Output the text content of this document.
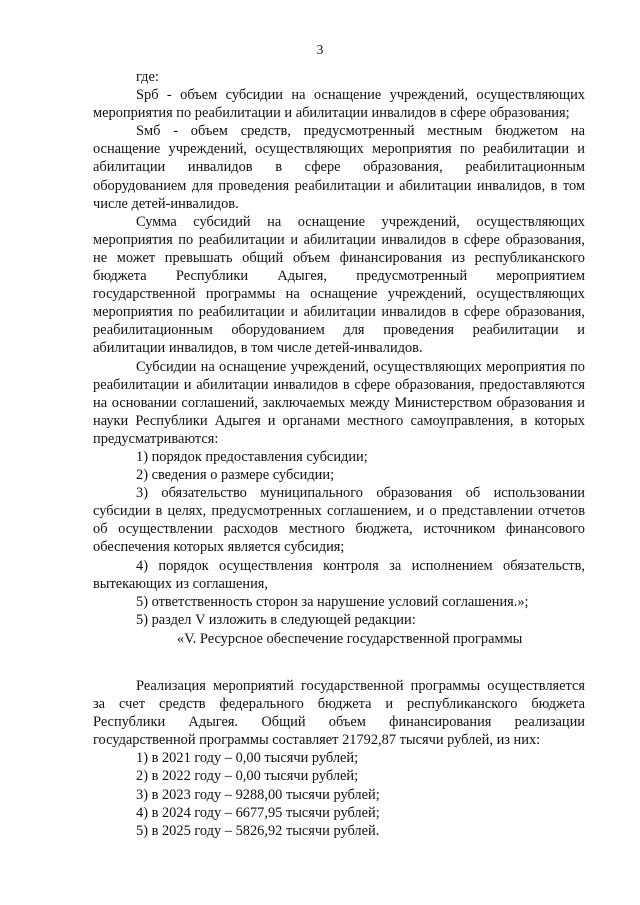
3

где:

Sрб - объем субсидии на оснащение учреждений, осуществляющих мероприятия по реабилитации и абилитации инвалидов в сфере образования;

Sмб - объем средств, предусмотренный местным бюджетом на оснащение учреждений, осуществляющих мероприятия по реабилитации и абилитации инвалидов в сфере образования, реабилитационным оборудованием для проведения реабилитации и абилитации инвалидов, в том числе детей-инвалидов.

Сумма субсидий на оснащение учреждений, осуществляющих мероприятия по реабилитации и абилитации инвалидов в сфере образования, не может превышать общий объем финансирования из республиканского бюджета Республики Адыгея, предусмотренный мероприятием государственной программы на оснащение учреждений, осуществляющих мероприятия по реабилитации и абилитации инвалидов в сфере образования, реабилитационным оборудованием для проведения реабилитации и абилитации инвалидов, в том числе детей-инвалидов.

Субсидии на оснащение учреждений, осуществляющих мероприятия по реабилитации и абилитации инвалидов в сфере образования, предоставляются на основании соглашений, заключаемых между Министерством образования и науки Республики Адыгея и органами местного самоуправления, в которых предусматриваются:

1) порядок предоставления субсидии;

2) сведения о размере субсидии;

3) обязательство муниципального образования об использовании субсидии в целях, предусмотренных соглашением, и о представлении отчетов об осуществлении расходов местного бюджета, источником финансового обеспечения которых является субсидия;

4) порядок осуществления контроля за исполнением обязательств, вытекающих из соглашения,

5) ответственность сторон за нарушение условий соглашения.»;

5) раздел V изложить в следующей редакции:

«V. Ресурсное обеспечение государственной программы

Реализация мероприятий государственной программы осуществляется за счет средств федерального бюджета и республиканского бюджета Республики Адыгея. Общий объем финансирования реализации государственной программы составляет 21792,87 тысячи рублей, из них:

1) в 2021 году – 0,00 тысячи рублей;

2) в 2022 году – 0,00 тысячи рублей;

3) в 2023 году – 9288,00 тысячи рублей;

4) в 2024 году – 6677,95 тысячи рублей;

5) в 2025 году – 5826,92 тысячи рублей.
